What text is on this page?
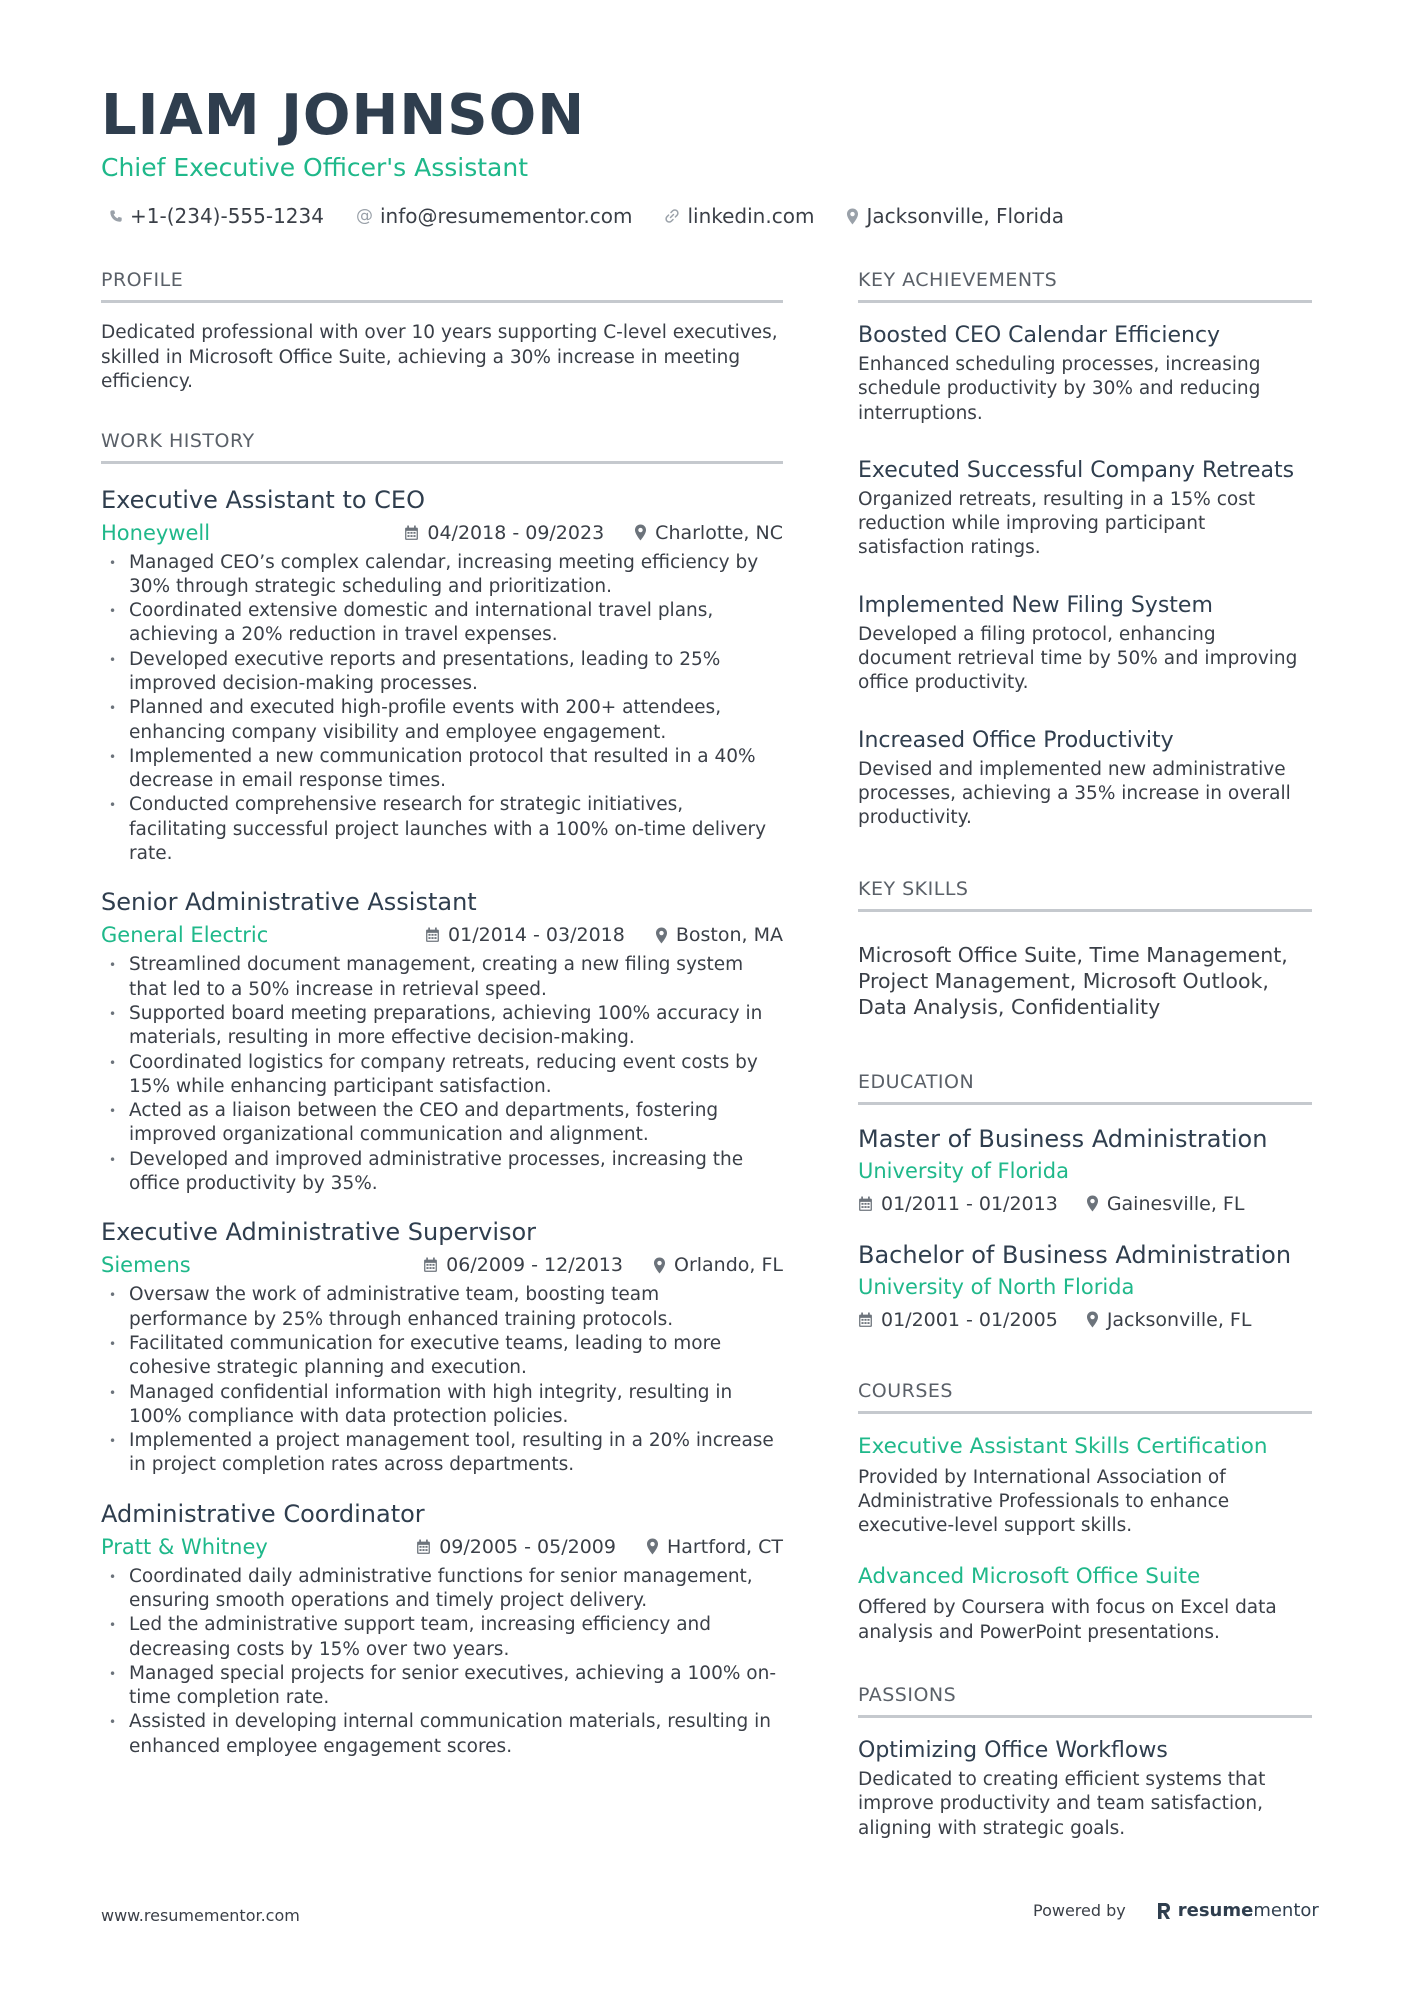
LIAM JOHNSON
Chief Executive Officer's Assistant
+1-(234)-555-1234 @ info@resumementor.com	linkedin.com	Jacksonville, Florida
PROFILE
Dedicated professional with over 10 years supporting C-level executives, skilled in Microsoft Office Suite, achieving a 30% increase in meeting efficiency.
WORK HISTORY
Executive Assistant to CEO
Honeywell	04/2018 - 09/2023	Charlotte, NC
• Managed CEO’s complex calendar, increasing meeting efficiency by 30% through strategic scheduling and prioritization.
• Coordinated extensive domestic and international travel plans, achieving a 20% reduction in travel expenses.
• Developed executive reports and presentations, leading to 25% improved decision-making processes.
• Planned and executed high-profile events with 200+ attendees, enhancing company visibility and employee engagement.
• Implemented a new communication protocol that resulted in a 40% decrease in email response times.
• Conducted comprehensive research for strategic initiatives, facilitating successful project launches with a 100% on-time delivery rate.
Senior Administrative Assistant
General Electric	01/2014 - 03/2018	Boston, MA
• Streamlined document management, creating a new filing system that led to a 50% increase in retrieval speed.
• Supported board meeting preparations, achieving 100% accuracy in materials, resulting in more effective decision-making.
• Coordinated logistics for company retreats, reducing event costs by 15% while enhancing participant satisfaction.
• Acted as a liaison between the CEO and departments, fostering improved organizational communication and alignment.
• Developed and improved administrative processes, increasing the office productivity by 35%.
Executive Administrative Supervisor
Siemens	06/2009 - 12/2013	Orlando, FL
• Oversaw the work of administrative team, boosting team performance by 25% through enhanced training protocols.
• Facilitated communication for executive teams, leading to more cohesive strategic planning and execution.
• Managed confidential information with high integrity, resulting in 100% compliance with data protection policies.
• Implemented a project management tool, resulting in a 20% increase in project completion rates across departments.
Administrative Coordinator
Pratt & Whitney	09/2005 - 05/2009	Hartford, CT
• Coordinated daily administrative functions for senior management, ensuring smooth operations and timely project delivery.
• Led the administrative support team, increasing efficiency and decreasing costs by 15% over two years.
• Managed special projects for senior executives, achieving a 100% on-time completion rate.
• Assisted in developing internal communication materials, resulting in enhanced employee engagement scores.
KEY ACHIEVEMENTS
Boosted CEO Calendar Efficiency
Enhanced scheduling processes, increasing schedule productivity by 30% and reducing interruptions.
Executed Successful Company Retreats
Organized retreats, resulting in a 15% cost reduction while improving participant satisfaction ratings.
Implemented New Filing System
Developed a filing protocol, enhancing document retrieval time by 50% and improving office productivity.
Increased Office Productivity
Devised and implemented new administrative processes, achieving a 35% increase in overall productivity.
KEY SKILLS
Microsoft Office Suite, Time Management, Project Management, Microsoft Outlook, Data Analysis, Confidentiality
EDUCATION
Master of Business Administration
University of Florida
01/2011 - 01/2013	Gainesville, FL
Bachelor of Business Administration
University of North Florida
01/2001 - 01/2005	Jacksonville, FL
COURSES
Executive Assistant Skills Certification
Provided by International Association of Administrative Professionals to enhance executive-level support skills.
Advanced Microsoft Office Suite
Offered by Coursera with focus on Excel data analysis and PowerPoint presentations.
PASSIONS
Optimizing Office Workflows
Dedicated to creating efficient systems that improve productivity and team satisfaction, aligning with strategic goals.
www.resumementor.com	Powered by	resume mentor
